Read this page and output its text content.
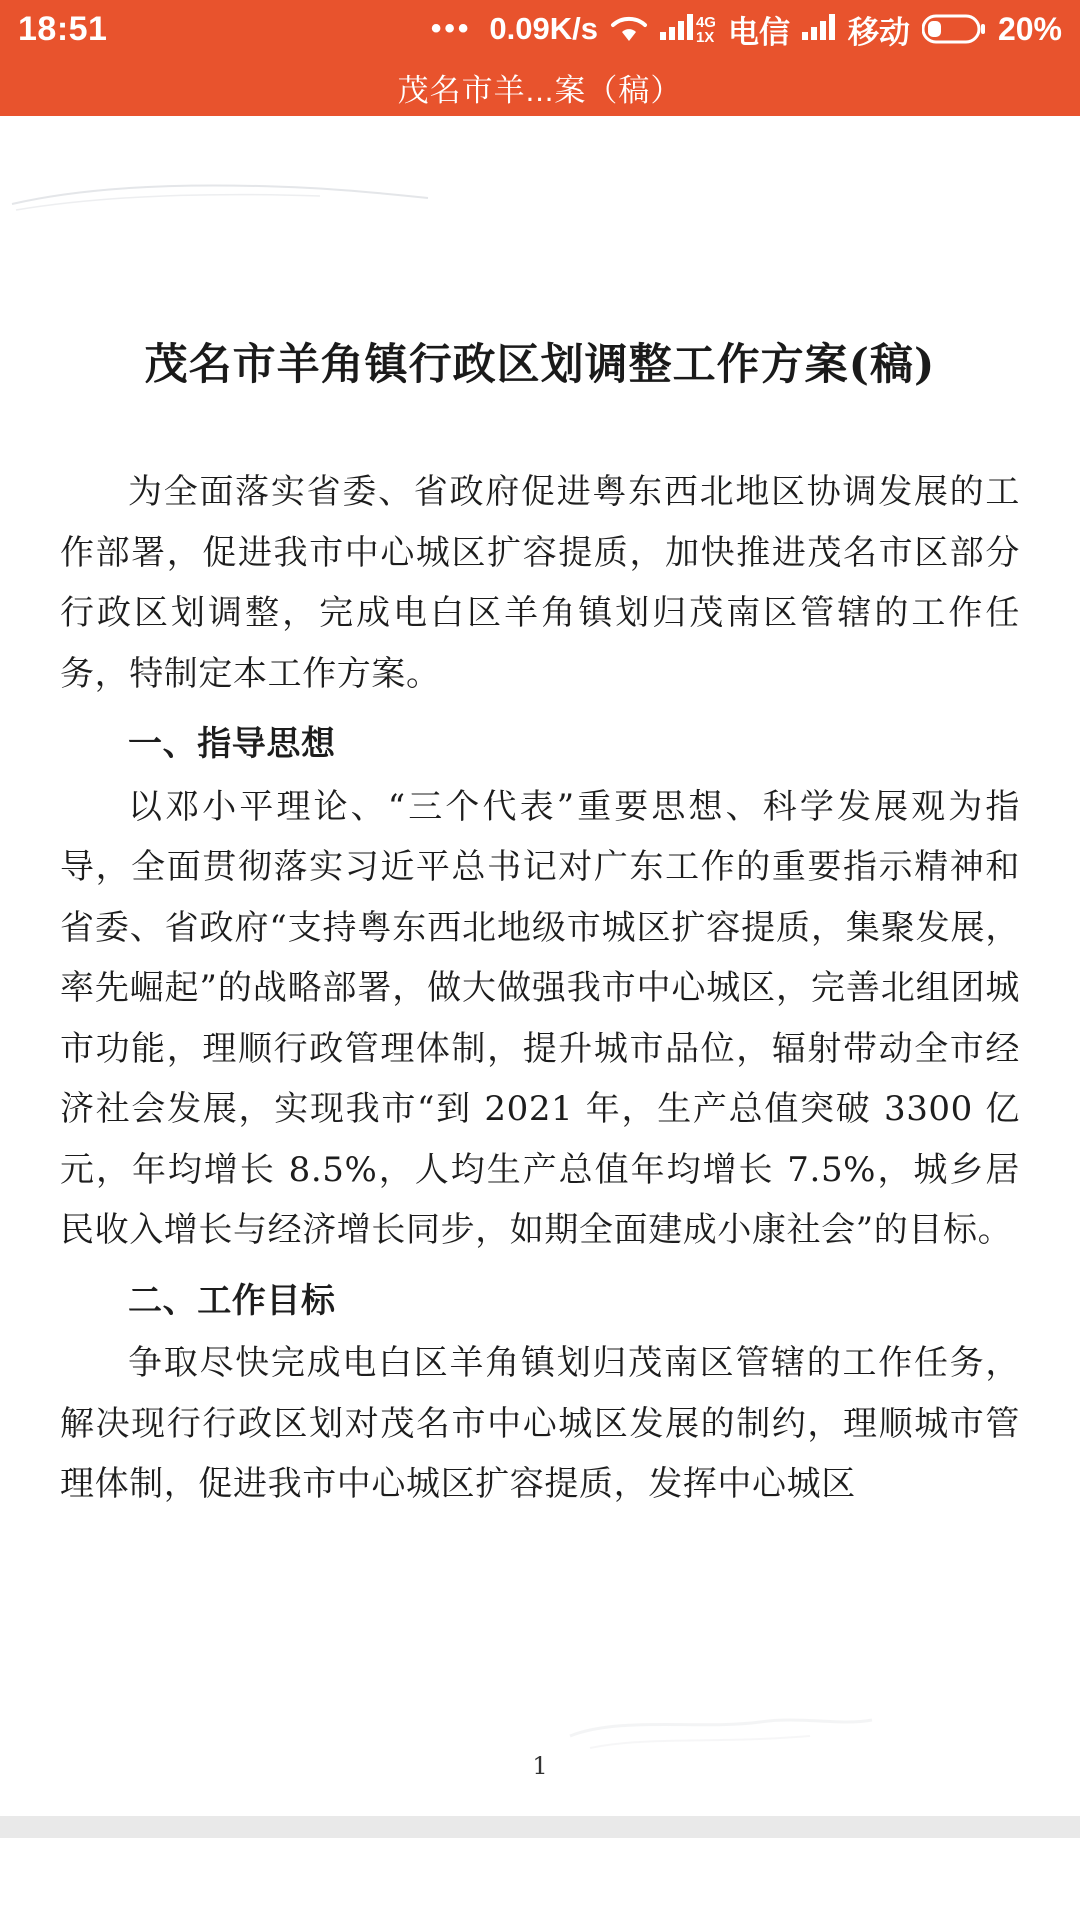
18:51	••• 0.09K/s	4G
1X 电信 移动	20%
茂名市羊...案（稿）
茂名市羊角镇行政区划调整工作方案(稿)

为全面落实省委、省政府促进粤东西北地区协调发展的工作部署，促进我市中心城区扩容提质，加快推进茂名市区部分行政区划调整，完成电白区羊角镇划归茂南区管辖的工作任务，特制定本工作方案。

一、指导思想

以邓小平理论、“三个代表”重要思想、科学发展观为指导，全面贯彻落实习近平总书记对广东工作的重要指示精神和省委、省政府“支持粤东西北地级市城区扩容提质，集聚发展，率先崛起”的战略部署，做大做强我市中心城区，完善北组团城市功能，理顺行政管理体制，提升城市品位，辐射带动全市经济社会发展，实现我市“到 2021 年，生产总值突破 3300 亿元，年均增长 8.5%，人均生产总值年均增长 7.5%，城乡居民收入增长与经济增长同步，如期全面建成小康社会”的目标。

二、工作目标

争取尽快完成电白区羊角镇划归茂南区管辖的工作任务，解决现行行政区划对茂名市中心城区发展的制约，理顺城市管理体制，促进我市中心城区扩容提质，发挥中心城区

1
